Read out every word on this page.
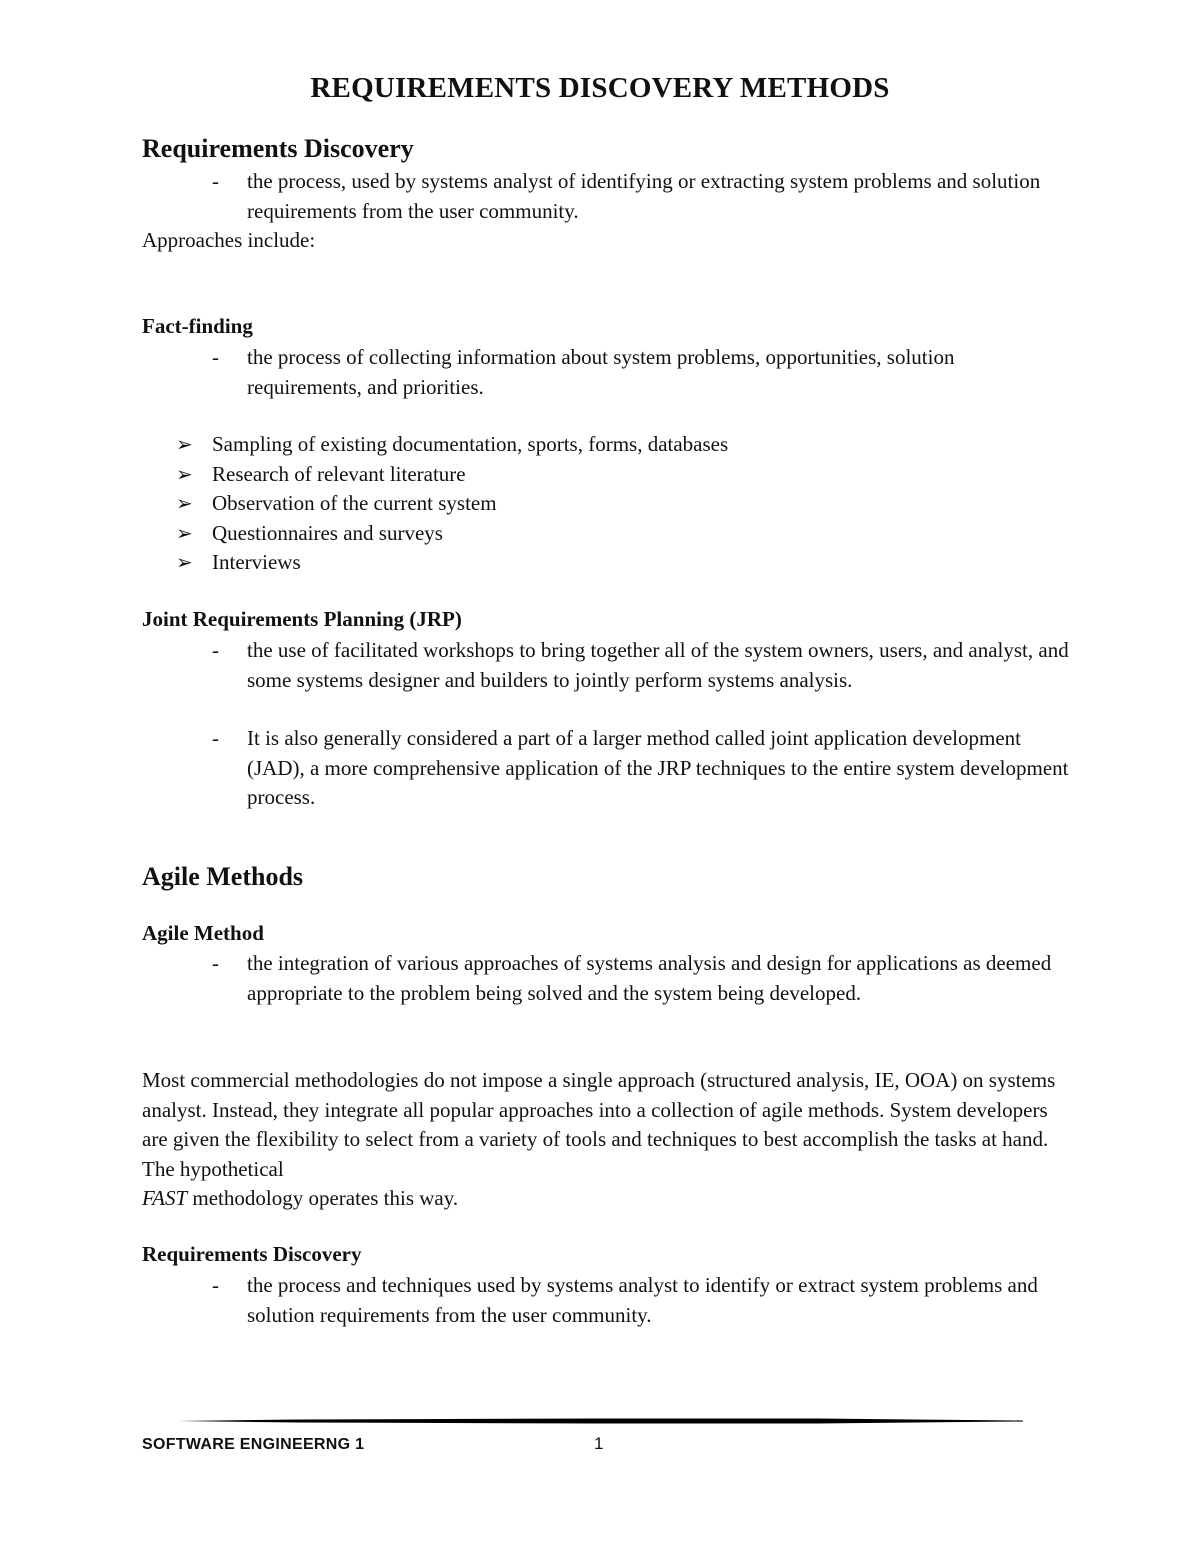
REQUIREMENTS DISCOVERY METHODS
Requirements Discovery
- the process, used by systems analyst of identifying or extracting system problems and solution requirements from the user community.
Approaches include:
Fact-finding
- the process of collecting information about system problems, opportunities, solution requirements, and priorities.
➢ Sampling of existing documentation, sports, forms, databases
➢ Research of relevant literature
➢ Observation of the current system
➢ Questionnaires and surveys
➢ Interviews
Joint Requirements Planning (JRP)
- the use of facilitated workshops to bring together all of the system owners, users, and analyst, and some systems designer and builders to jointly perform systems analysis.
- It is also generally considered a part of a larger method called joint application development (JAD), a more comprehensive application of the JRP techniques to the entire system development process.
Agile Methods
Agile Method
- the integration of various approaches of systems analysis and design for applications as deemed appropriate to the problem being solved and the system being developed.
Most commercial methodologies do not impose a single approach (structured analysis, IE, OOA) on systems analyst. Instead, they integrate all popular approaches into a collection of agile methods. System developers are given the flexibility to select from a variety of tools and techniques to best accomplish the tasks at hand. The hypothetical
FAST methodology operates this way.
Requirements Discovery
- the process and techniques used by systems analyst to identify or extract system problems and solution requirements from the user community.
SOFTWARE ENGINEERNG 1	1
